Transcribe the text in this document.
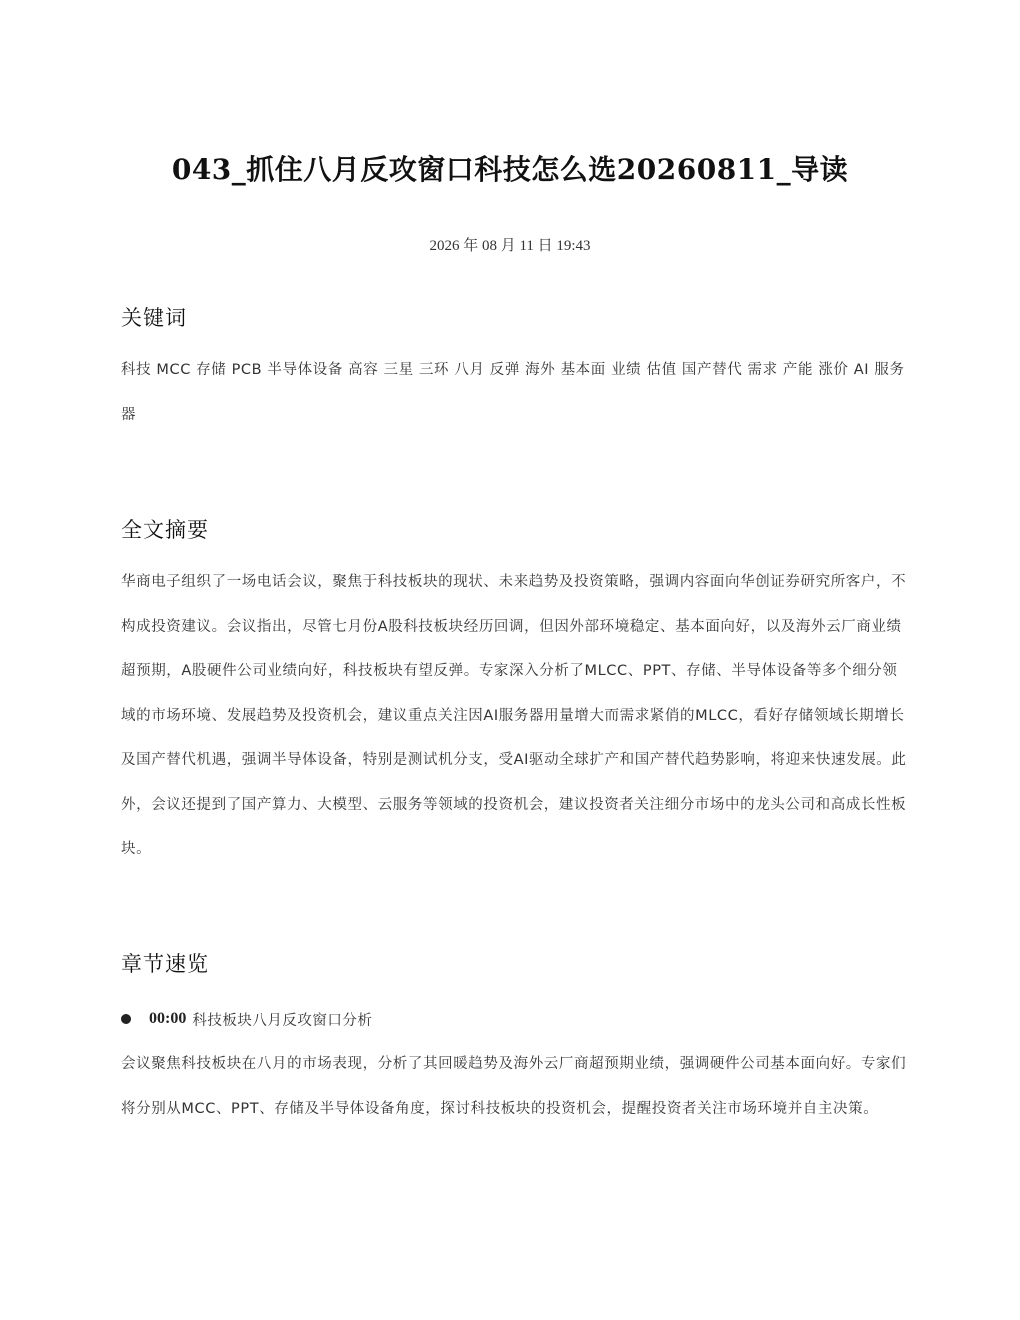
043_抓住八月反攻窗口科技怎么选20260811_导读
2026 年 08 月 11 日 19:43
关键词
科技 MCC 存储 PCB 半导体设备 高容 三星 三环 八月 反弹 海外 基本面 业绩 估值 国产替代 需求 产能 涨价 AI 服务器
全文摘要
华商电子组织了一场电话会议，聚焦于科技板块的现状、未来趋势及投资策略，强调内容面向华创证券研究所客户，不构成投资建议。会议指出，尽管七月份A股科技板块经历回调，但因外部环境稳定、基本面向好，以及海外云厂商业绩超预期，A股硬件公司业绩向好，科技板块有望反弹。专家深入分析了MLCC、PPT、存储、半导体设备等多个细分领域的市场环境、发展趋势及投资机会，建议重点关注因AI服务器用量增大而需求紧俏的MLCC，看好存储领域长期增长及国产替代机遇，强调半导体设备，特别是测试机分支，受AI驱动全球扩产和国产替代趋势影响，将迎来快速发展。此外，会议还提到了国产算力、大模型、云服务等领域的投资机会，建议投资者关注细分市场中的龙头公司和高成长性板块。
章节速览
00:00 科技板块八月反攻窗口分析
会议聚焦科技板块在八月的市场表现，分析了其回暖趋势及海外云厂商超预期业绩，强调硬件公司基本面向好。专家们将分别从MCC、PPT、存储及半导体设备角度，探讨科技板块的投资机会，提醒投资者关注市场环境并自主决策。
